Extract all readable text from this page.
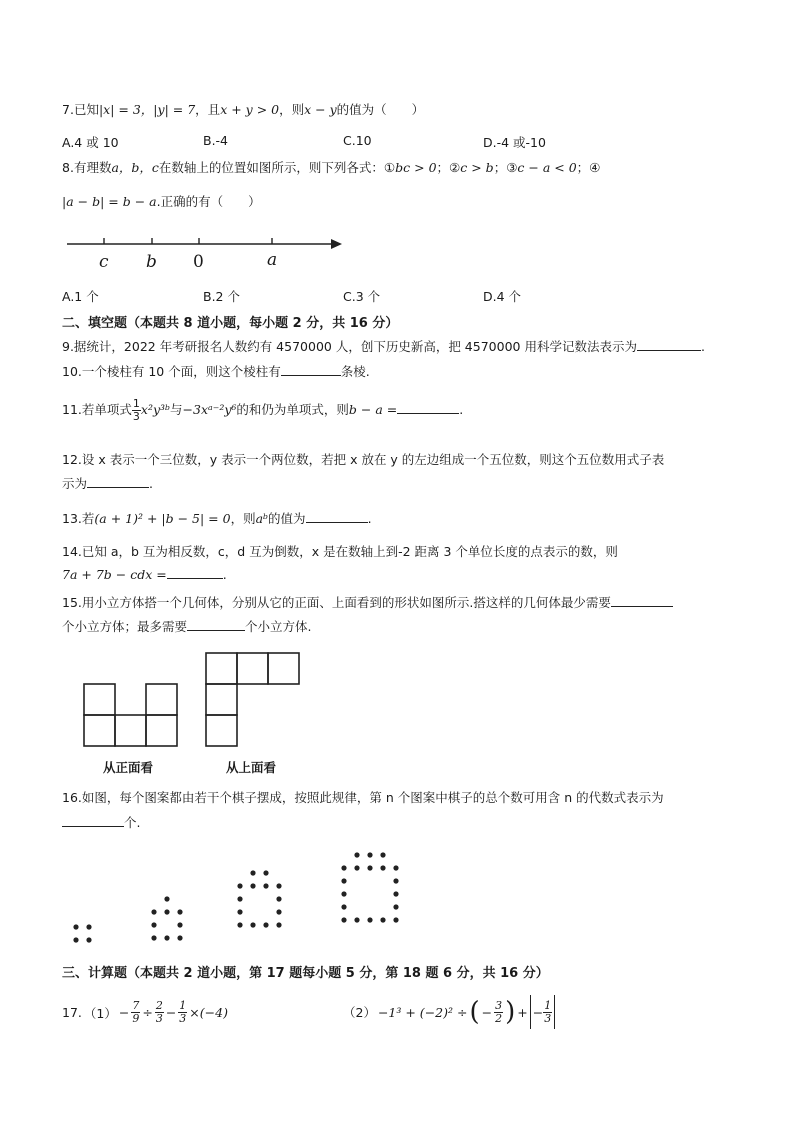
7.已知|x| = 3，|y| = 7，且x + y > 0，则x − y的值为（　　）
A.4 或 10	B.-4	C.10	D.-4 或-10
8.有理数a，b，c在数轴上的位置如图所示，则下列各式：①bc > 0；②c > b；③c − a < 0；④
|a − b| = b − a.正确的有（　　）
c b 0	a
A.1 个	B.2 个	C.3 个	D.4 个
二、填空题（本题共 8 道小题，每小题 2 分，共 16 分）
9.据统计，2022 年考研报名人数约有 4570000 人，创下历史新高，把 4570000 用科学记数法表示为	.
10.一个棱柱有 10 个面，则这个棱柱有	条棱.
11.若单项式 $\frac{1}{3}$ x²y³ᵇ与−3xᵃ⁻²y⁶的和仍为单项式，则b − a =	.
12.设 x 表示一个三位数，y 表示一个两位数，若把 x 放在 y 的左边组成一个五位数，则这个五位数用式子表
示为	.
13.若(a + 1)² + |b − 5| = 0，则aᵇ的值为	.
14.已知 a，b 互为相反数，c，d 互为倒数，x 是在数轴上到-2 距离 3 个单位长度的点表示的数，则
7a + 7b − cdx =	.
15.用小立方体搭一个几何体，分别从它的正面、上面看到的形状如图所示.搭这样的几何体最少需要
个小立方体；最多需要	个小立方体.
从正面看	从上面看
16.如图，每个图案都由若干个棋子摆成，按照此规律，第 n 个图案中棋子的总个数可用含 n 的代数式表示为
个.
三、计算题（本题共 2 道小题，第 17 题每小题 5 分，第 18 题 6 分，共 16 分）
17. $(1) - \frac{7}{9} \div \frac{2}{3} - \frac{1}{3} \times(-4)$	（2） −1³ + (−2)² ÷ ( − $\frac{3}{2}$ ) + − $\frac{1}{3}$
